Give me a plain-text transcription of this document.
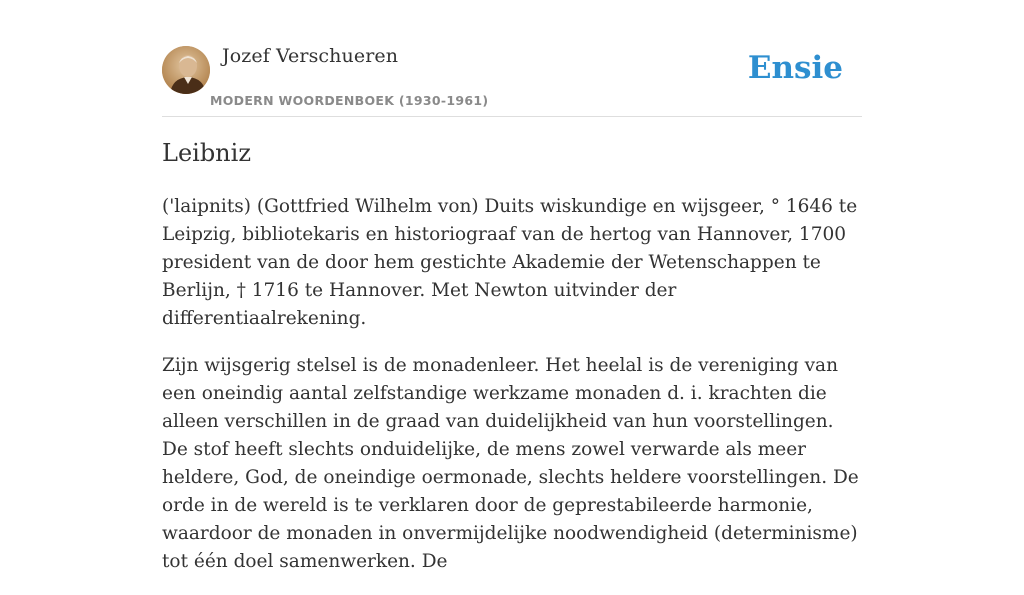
Jozef Verschueren
MODERN WOORDENBOEK (1930-1961)
Ensie
Leibniz

('laipnits) (Gottfried Wilhelm von) Duits wiskundige en wijsgeer, ° 1646 te Leipzig, bibliotekaris en historiograaf van de hertog van Hannover, 1700 president van de door hem gestichte Akademie der Wetenschappen te Berlijn, † 1716 te Hannover. Met Newton uitvinder der differentiaalrekening.

Zijn wijsgerig stelsel is de monadenleer. Het heelal is de vereniging van een oneindig aantal zelfstandige werkzame monaden d. i. krachten die alleen verschillen in de graad van duidelijkheid van hun voorstellingen. De stof heeft slechts onduidelijke, de mens zowel verwarde als meer heldere, God, de oneindige oermonade, slechts heldere voorstellingen. De orde in de wereld is te verklaren door de geprestabileerde harmonie, waardoor de monaden in onvermijdelijke noodwendigheid (determinisme) tot één doel samenwerken. De
